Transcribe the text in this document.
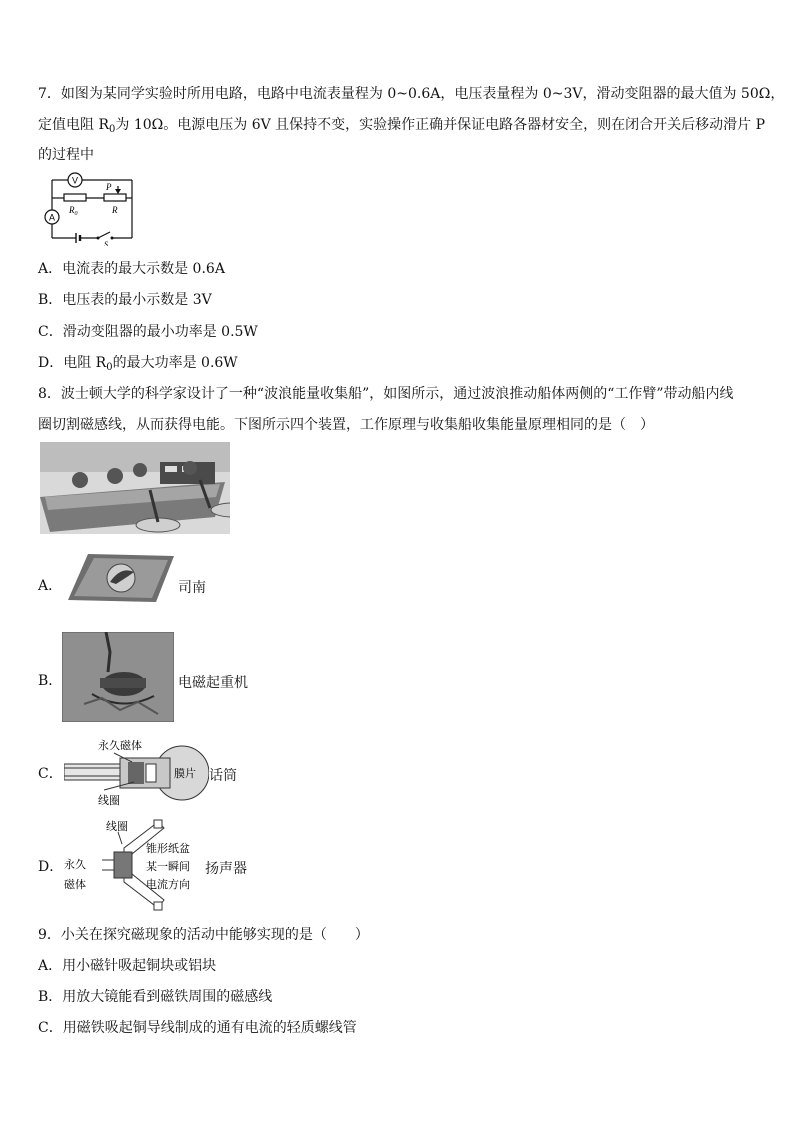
7．如图为某同学实验时所用电路，电路中电流表量程为 0~0.6A，电压表量程为 0~3V，滑动变阻器的最大值为 50Ω，
定值电阻 $R_0$为 10Ω。电源电压为 6V 且保持不变，实验操作正确并保证电路各器材安全，则在闭合开关后移动滑片 P
的过程中
V
A
$R_0$	R
P
S
A．电流表的最大示数是 0.6A
B．电压表的最小示数是 3V
C．滑动变阻器的最小功率是 0.5W
D．电阻 $R_0$的最大功率是 0.6W
8．波士顿大学的科学家设计了一种“波浪能量收集船”，如图所示，通过波浪推动船体两侧的“工作臂”带动船内线
圈切割磁感线，从而获得电能。下图所示四个装置，工作原理与收集船收集能量原理相同的是（　）
A．	司南
B．	电磁起重机
C．
永久磁体
膜片
线圈
话筒
D．
线圈
锥形纸盆
某一瞬间
电流方向
永久
磁体
扬声器
9．小关在探究磁现象的活动中能够实现的是（　　）
A．用小磁针吸起铜块或铝块
B．用放大镜能看到磁铁周围的磁感线
C．用磁铁吸起铜导线制成的通有电流的轻质螺线管
